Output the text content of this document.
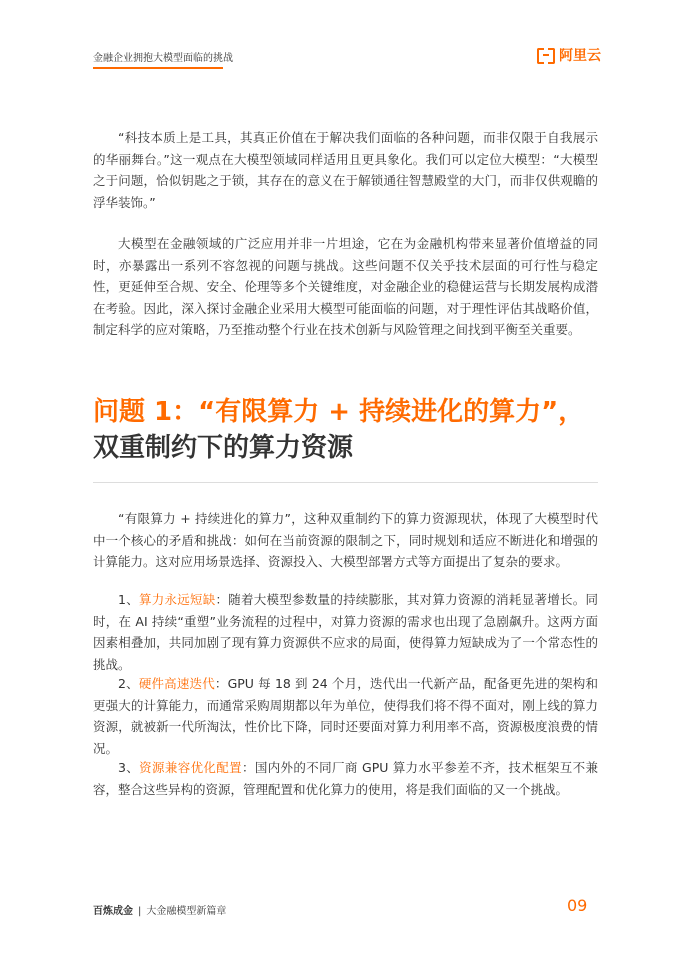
金融企业拥抱大模型面临的挑战	阿里云

“科技本质上是工具，其真正价值在于解决我们面临的各种问题，而非仅限于自我展示的华丽舞台。”这一观点在大模型领域同样适用且更具象化。我们可以定位大模型：“大模型之于问题，恰似钥匙之于锁，其存在的意义在于解锁通往智慧殿堂的大门，而非仅供观瞻的浮华装饰。”

大模型在金融领域的广泛应用并非一片坦途，它在为金融机构带来显著价值增益的同时，亦暴露出一系列不容忽视的问题与挑战。这些问题不仅关乎技术层面的可行性与稳定性，更延伸至合规、安全、伦理等多个关键维度，对金融企业的稳健运营与长期发展构成潜在考验。因此，深入探讨金融企业采用大模型可能面临的问题，对于理性评估其战略价值，制定科学的应对策略，乃至推动整个行业在技术创新与风险管理之间找到平衡至关重要。

问题 1：“有限算力 + 持续进化的算力”，
双重制约下的算力资源

“有限算力 + 持续进化的算力”，这种双重制约下的算力资源现状，体现了大模型时代中一个核心的矛盾和挑战：如何在当前资源的限制之下，同时规划和适应不断进化和增强的计算能力。这对应用场景选择、资源投入、大模型部署方式等方面提出了复杂的要求。

1、算力永远短缺：随着大模型参数量的持续膨胀，其对算力资源的消耗显著增长。同时，在 AI 持续“重塑”业务流程的过程中，对算力资源的需求也出现了急剧飙升。这两方面因素相叠加，共同加剧了现有算力资源供不应求的局面，使得算力短缺成为了一个常态性的挑战。

2、硬件高速迭代：GPU 每 18 到 24 个月，迭代出一代新产品，配备更先进的架构和更强大的计算能力，而通常采购周期都以年为单位，使得我们将不得不面对，刚上线的算力资源，就被新一代所淘汰，性价比下降，同时还要面对算力利用率不高，资源极度浪费的情况。

3、资源兼容优化配置：国内外的不同厂商 GPU 算力水平参差不齐，技术框架互不兼容，整合这些异构的资源，管理配置和优化算力的使用，将是我们面临的又一个挑战。

百炼成金 | 大金融模型新篇章	09
